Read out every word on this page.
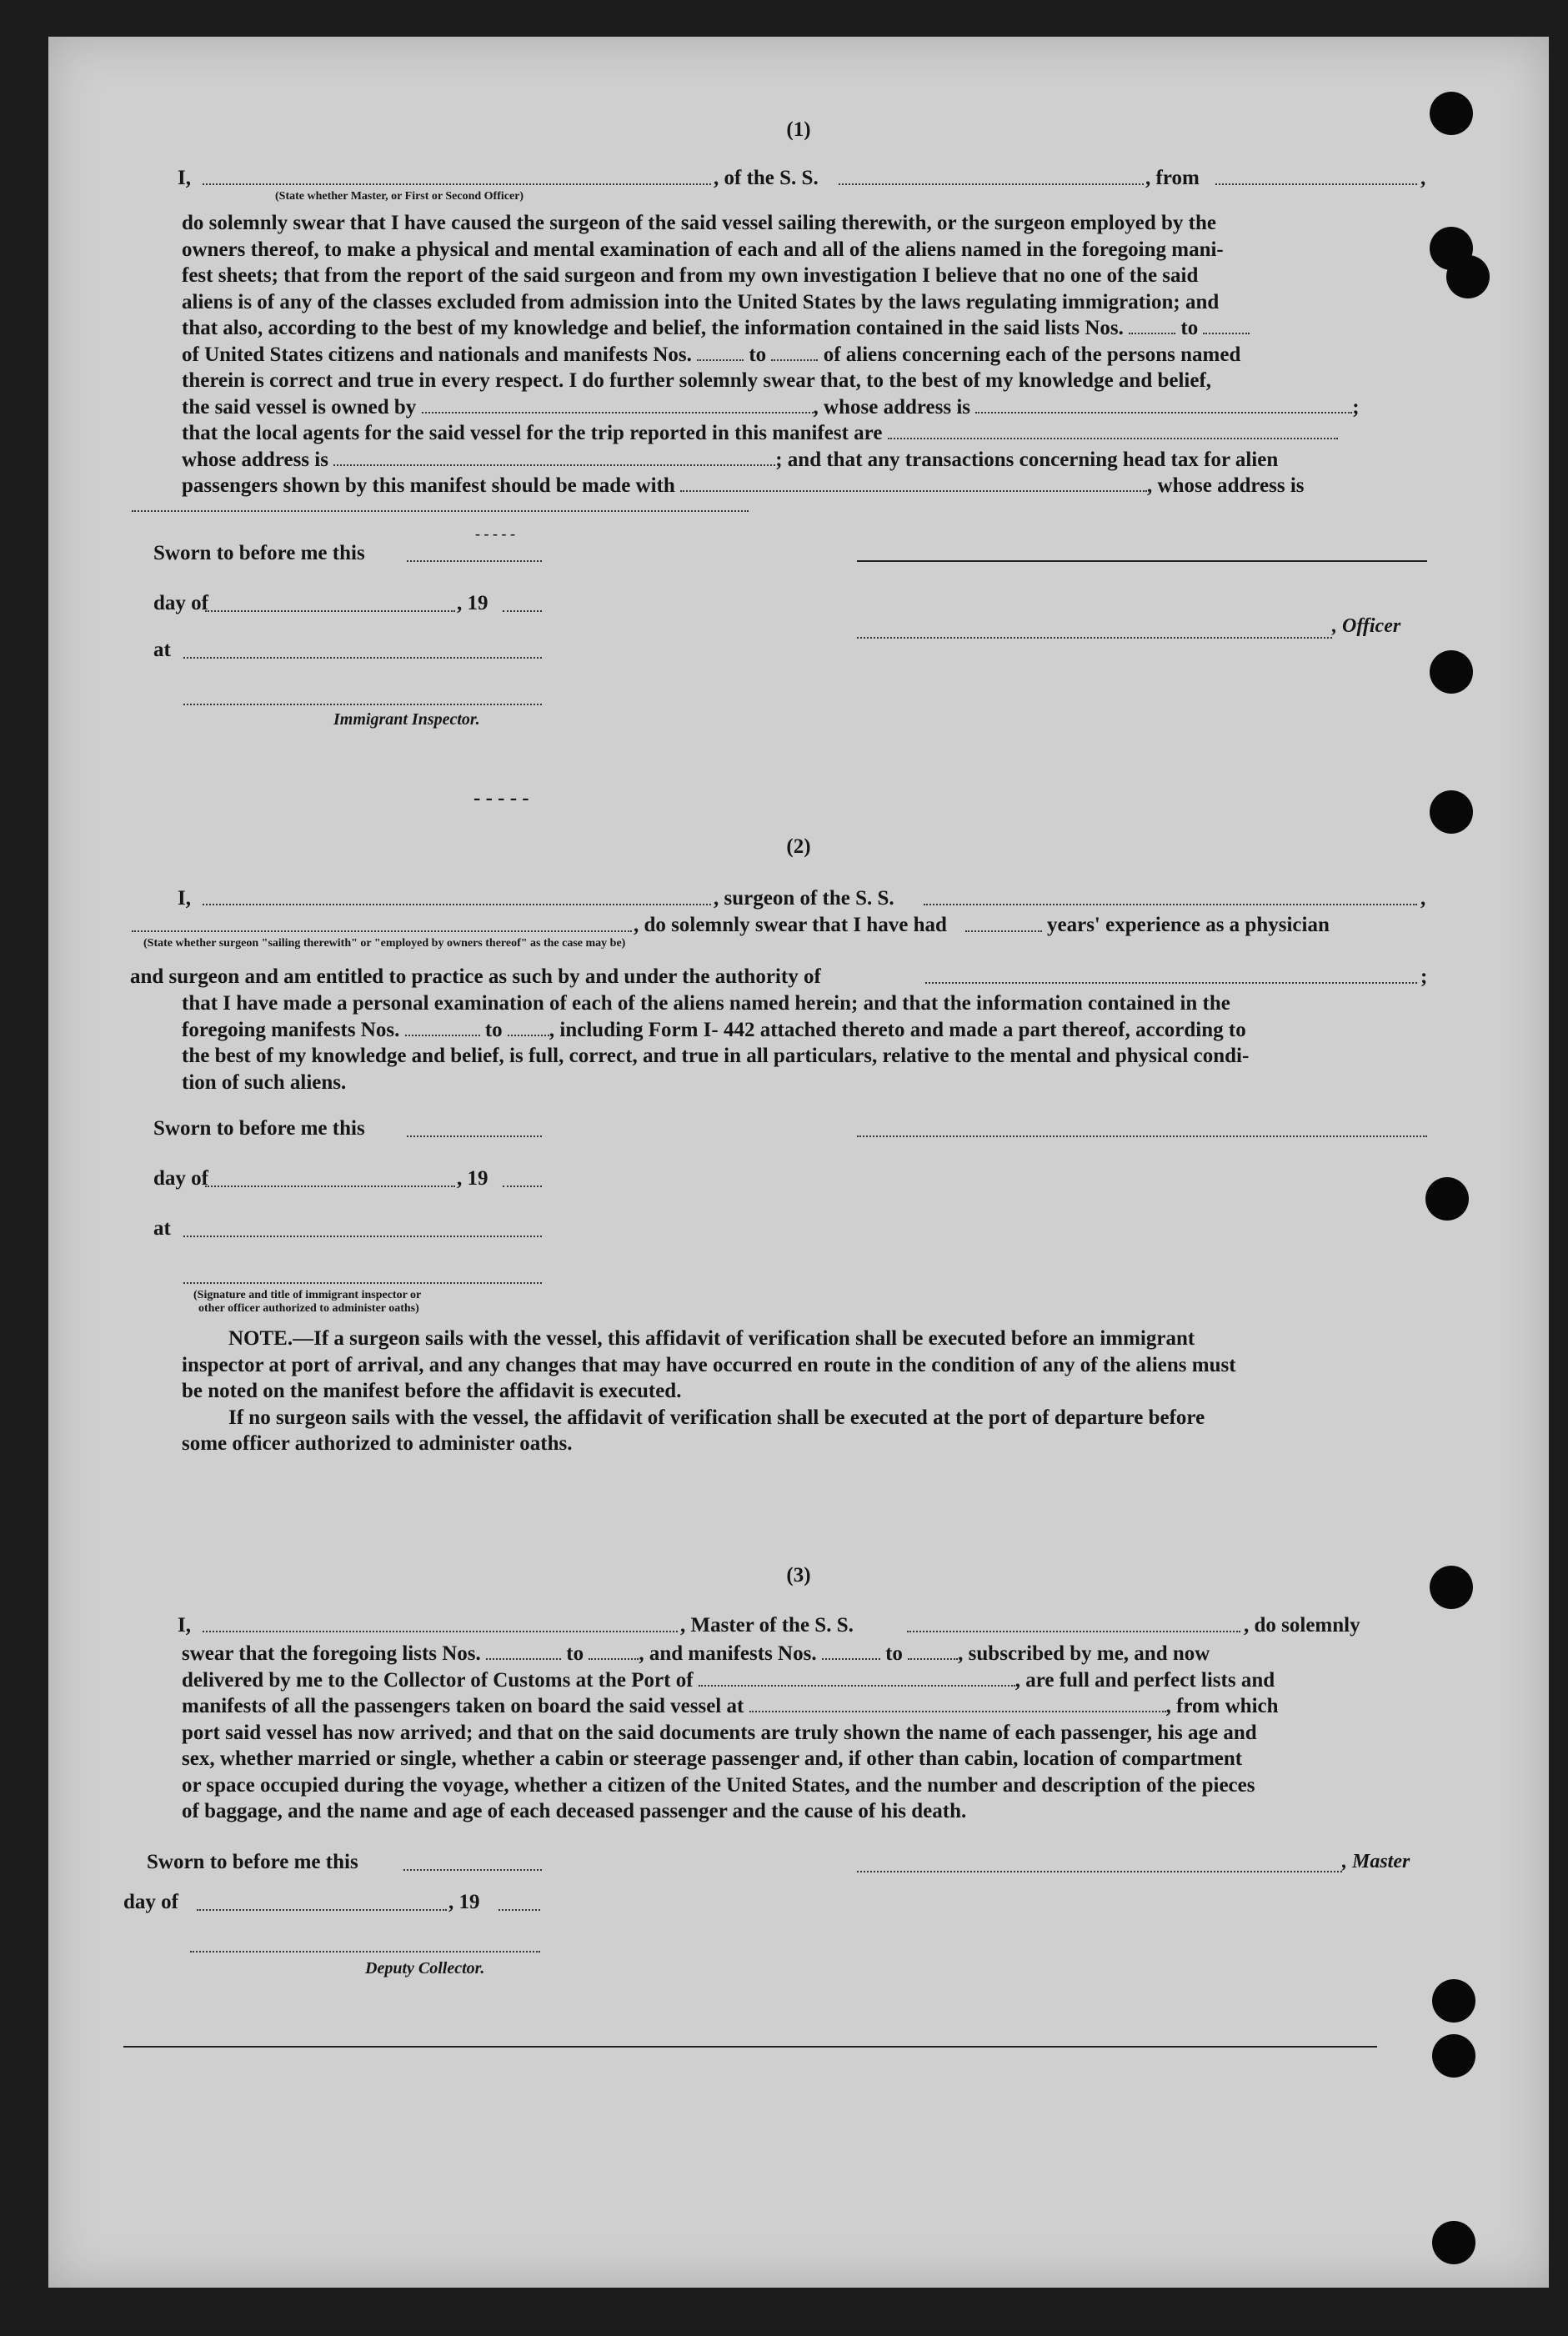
(1)
I,	, of the S. S.	, from	,
(State whether Master, or First or Second Officer)
do solemnly swear that I have caused the surgeon of the said vessel sailing therewith, or the surgeon employed by the
owners thereof, to make a physical and mental examination of each and all of the aliens named in the foregoing mani-
fest sheets; that from the report of the said surgeon and from my own investigation I believe that no one of the said
aliens is of any of the classes excluded from admission into the United States by the laws regulating immigration; and
that also, according to the best of my knowledge and belief, the information contained in the said lists Nos.	to
of United States citizens and nationals and manifests Nos.	to	of aliens concerning each of the persons named
therein is correct and true in every respect. I do further solemnly swear that, to the best of my knowledge and belief,
the said vessel is owned by	, whose address is	;
that the local agents for the said vessel for the trip reported in this manifest are
whose address is	; and that any transactions concerning head tax for alien
passengers shown by this manifest should be made with	, whose address is
- - - - -
Sworn to before me this
day of	, 19
, Officer
at
Immigrant Inspector.
- - - - -
(2)
I,	, surgeon of the S. S.	,
, do solemnly swear that I have had	years' experience as a physician
(State whether surgeon "sailing therewith" or "employed by owners thereof" as the case may be)
and surgeon and am entitled to practice as such by and under the authority of	;
that I have made a personal examination of each of the aliens named herein; and that the information contained in the
foregoing manifests Nos.	to , including Form I- 442 attached thereto and made a part thereof, according to
the best of my knowledge and belief, is full, correct, and true in all particulars, relative to the mental and physical condi-
tion of such aliens.
Sworn to before me this
day of	, 19
at
(Signature and title of immigrant inspector or
other officer authorized to administer oaths)
NOTE.—If a surgeon sails with the vessel, this affidavit of verification shall be executed before an immigrant
inspector at port of arrival, and any changes that may have occurred en route in the condition of any of the aliens must
be noted on the manifest before the affidavit is executed.
If no surgeon sails with the vessel, the affidavit of verification shall be executed at the port of departure before
some officer authorized to administer oaths.
(3)
I,	, Master of the S. S.	, do solemnly
swear that the foregoing lists Nos.	to	, and manifests Nos.	to	, subscribed by me, and now
delivered by me to the Collector of Customs at the Port of	, are full and perfect lists and
manifests of all the passengers taken on board the said vessel at	, from which
port said vessel has now arrived; and that on the said documents are truly shown the name of each passenger, his age and
sex, whether married or single, whether a cabin or steerage passenger and, if other than cabin, location of compartment
or space occupied during the voyage, whether a citizen of the United States, and the number and description of the pieces
of baggage, and the name and age of each deceased passenger and the cause of his death.
Sworn to before me this	, Master
day of	, 19
Deputy Collector.
